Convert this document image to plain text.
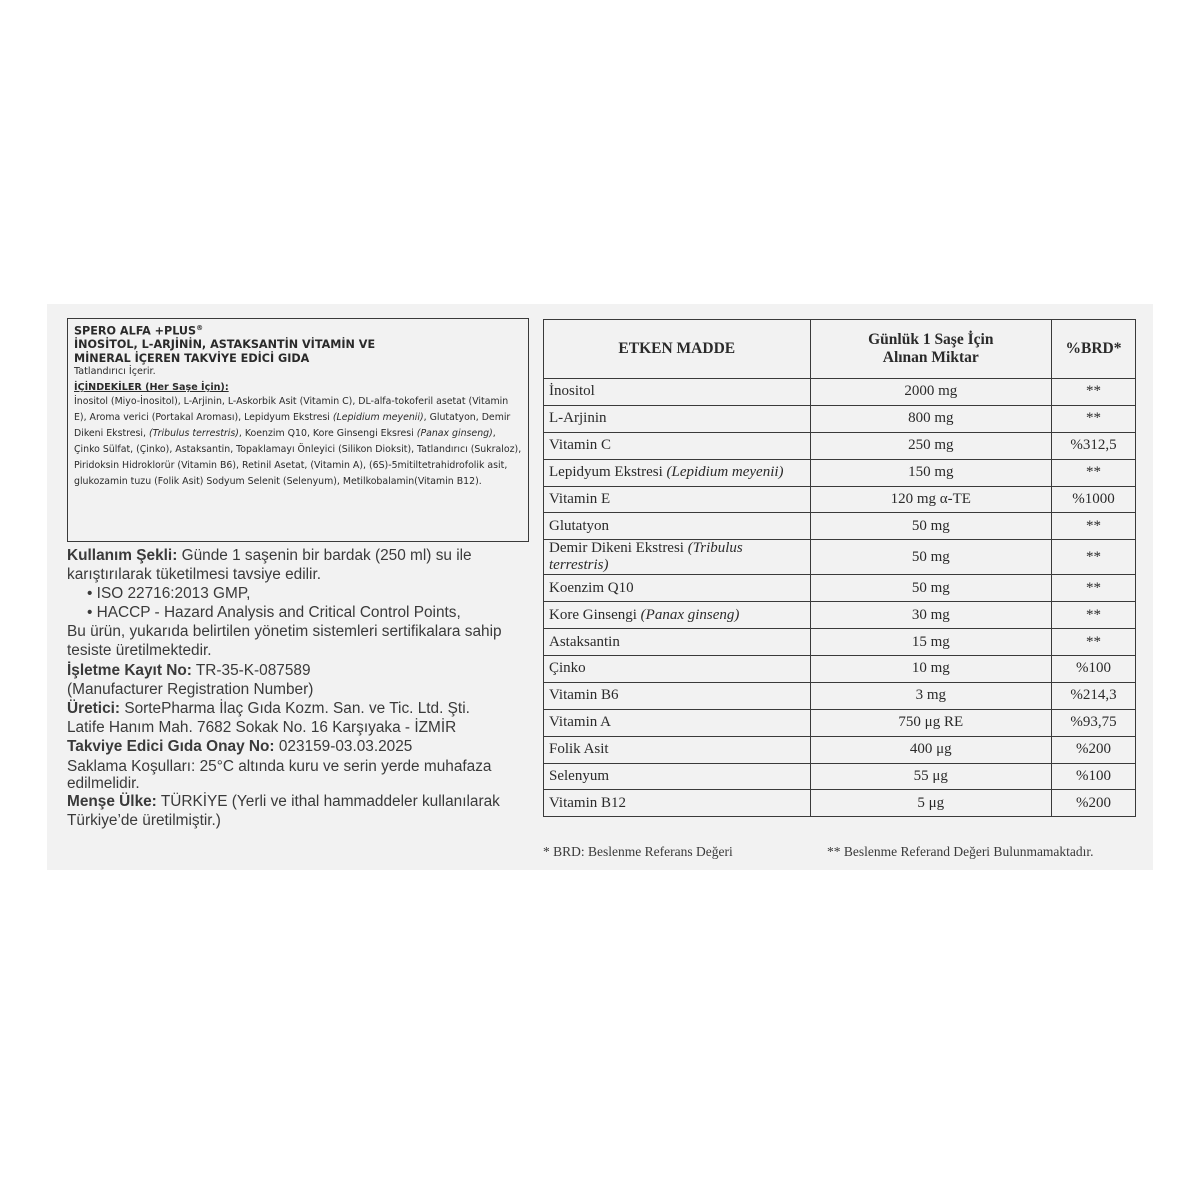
SPERO ALFA +PLUS®
İNOSİTOL, L-ARJİNİN, ASTAKSANTİN VİTAMİN VE
MİNERAL İÇEREN TAKVİYE EDİCİ GIDA
Tatlandırıcı İçerir.
İÇİNDEKİLER (Her Saşe İçin):
İnositol (Miyo-İnositol), L-Arjinin, L-Askorbik Asit (Vitamin C), DL-alfa-tokoferil asetat (Vitamin E), Aroma verici (Portakal Aroması), Lepidyum Ekstresi (Lepidium meyenii), Glutatyon, Demir Dikeni Ekstresi, (Tribulus terrestris), Koenzim Q10, Kore Ginsengi Eksresi (Panax ginseng), Çinko Sülfat, (Çinko), Astaksantin, Topaklamayı Önleyici (Silikon Dioksit), Tatlandırıcı (Sukraloz), Piridoksin Hidroklorür (Vitamin B6), Retinil Asetat, (Vitamin A), (6S)-5mitiltetrahidrofolik asit, glukozamin tuzu (Folik Asit) Sodyum Selenit (Selenyum), Metilkobalamin(Vitamin B12).
Kullanım Şekli: Günde 1 saşenin bir bardak (250 ml) su ile karıştırılarak tüketilmesi tavsiye edilir.
• ISO 22716:2013 GMP,
• HACCP - Hazard Analysis and Critical Control Points,
Bu ürün, yukarıda belirtilen yönetim sistemleri sertifikalara sahip tesiste üretilmektedir.
İşletme Kayıt No: TR-35-K-087589
(Manufacturer Registration Number)
Üretici: SortePharma İlaç Gıda Kozm. San. ve Tic. Ltd. Şti.
Latife Hanım Mah. 7682 Sokak No. 16 Karşıyaka - İZMİR
Takviye Edici Gıda Onay No: 023159-03.03.2025
Saklama Koşulları: 25°C altında kuru ve serin yerde muhafaza edilmelidir.
Menşe Ülke: TÜRKİYE (Yerli ve ithal hammaddeler kullanılarak Türkiye’de üretilmiştir.)
ETKEN MADDE	Günlük 1 Saşe İçin
Alınan Miktar	%BRD*
İnositol	2000 mg	**
L-Arjinin	800 mg	**
Vitamin C	250 mg	%312,5
Lepidyum Ekstresi (Lepidium meyenii)	150 mg	**
Vitamin E	120 mg α-TE	%1000
Glutatyon	50 mg	**
Demir Dikeni Ekstresi (Tribulus terrestris)	50 mg	**
Koenzim Q10	50 mg	**
Kore Ginsengi (Panax ginseng)	30 mg	**
Astaksantin	15 mg	**
Çinko	10 mg	%100
Vitamin B6	3 mg	%214,3
Vitamin A	750 μg RE	%93,75
Folik Asit	400 μg	%200
Selenyum	55 μg	%100
Vitamin B12	5 μg	%200
* BRD: Beslenme Referans Değeri	** Beslenme Referand Değeri Bulunmamaktadır.
